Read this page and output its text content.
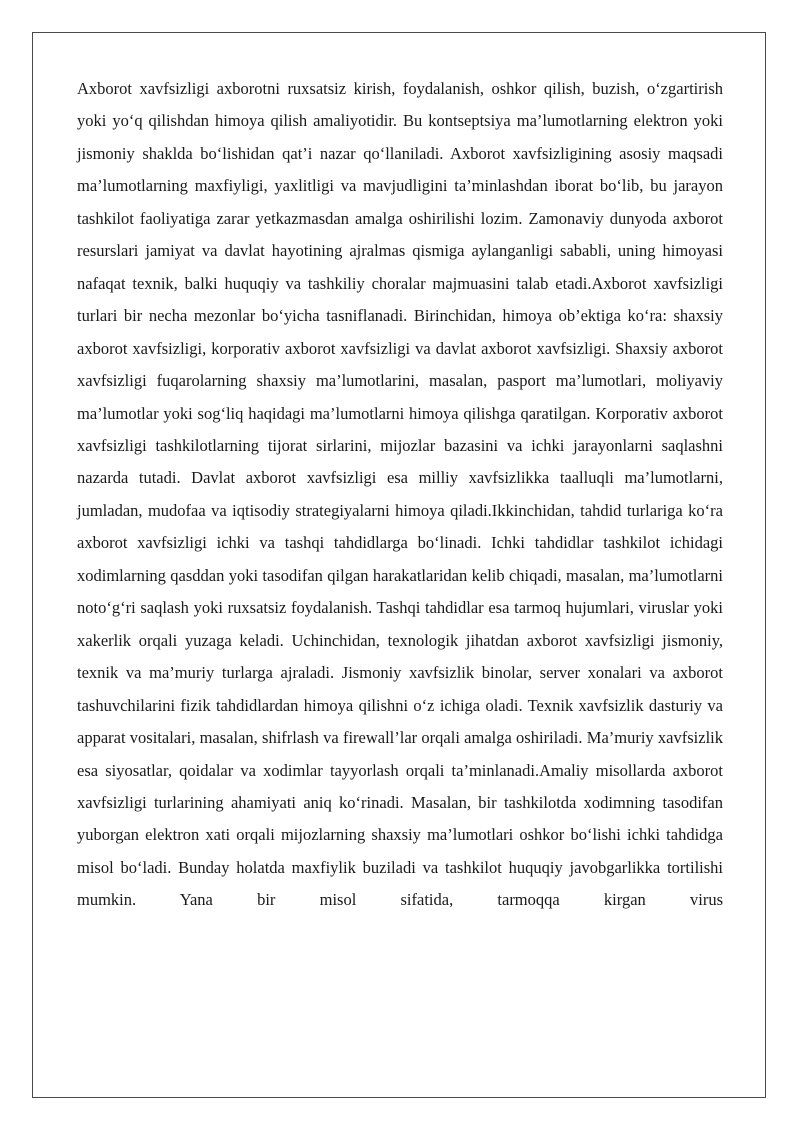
Axborot xavfsizligi axborotni ruxsatsiz kirish, foydalanish, oshkor qilish, buzish, o‘zgartirish yoki yo‘q qilishdan himoya qilish amaliyotidir. Bu kontseptsiya ma’lumotlarning elektron yoki jismoniy shaklda bo‘lishidan qat’i nazar qo‘llaniladi. Axborot xavfsizligining asosiy maqsadi ma’lumotlarning maxfiyligi, yaxlitligi va mavjudligini ta’minlashdan iborat bo‘lib, bu jarayon tashkilot faoliyatiga zarar yetkazmasdan amalga oshirilishi lozim. Zamonaviy dunyoda axborot resurslari jamiyat va davlat hayotining ajralmas qismiga aylanganligi sababli, uning himoyasi nafaqat texnik, balki huquqiy va tashkiliy choralar majmuasini talab etadi.Axborot xavfsizligi turlari bir necha mezonlar bo‘yicha tasniflanadi. Birinchidan, himoya ob’ektiga ko‘ra: shaxsiy axborot xavfsizligi, korporativ axborot xavfsizligi va davlat axborot xavfsizligi. Shaxsiy axborot xavfsizligi fuqarolarning shaxsiy ma’lumotlarini, masalan, pasport ma’lumotlari, moliyaviy ma’lumotlar yoki sog‘liq haqidagi ma’lumotlarni himoya qilishga qaratilgan. Korporativ axborot xavfsizligi tashkilotlarning tijorat sirlarini, mijozlar bazasini va ichki jarayonlarni saqlashni nazarda tutadi. Davlat axborot xavfsizligi esa milliy xavfsizlikka taalluqli ma’lumotlarni, jumladan, mudofaa va iqtisodiy strategiyalarni himoya qiladi.Ikkinchidan, tahdid turlariga ko‘ra axborot xavfsizligi ichki va tashqi tahdidlarga bo‘linadi. Ichki tahdidlar tashkilot ichidagi xodimlarning qasddan yoki tasodifan qilgan harakatlaridan kelib chiqadi, masalan, ma’lumotlarni noto‘g‘ri saqlash yoki ruxsatsiz foydalanish. Tashqi tahdidlar esa tarmoq hujumlari, viruslar yoki xakerlik orqali yuzaga keladi. Uchinchidan, texnologik jihatdan axborot xavfsizligi jismoniy, texnik va ma’muriy turlarga ajraladi. Jismoniy xavfsizlik binolar, server xonalari va axborot tashuvchilarini fizik tahdidlardan himoya qilishni o‘z ichiga oladi. Texnik xavfsizlik dasturiy va apparat vositalari, masalan, shifrlash va firewall’lar orqali amalga oshiriladi. Ma’muriy xavfsizlik esa siyosatlar, qoidalar va xodimlar tayyorlash orqali ta’minlanadi.Amaliy misollarda axborot xavfsizligi turlarining ahamiyati aniq ko‘rinadi. Masalan, bir tashkilotda xodimning tasodifan yuborgan elektron xati orqali mijozlarning shaxsiy ma’lumotlari oshkor bo‘lishi ichki tahdidga misol bo‘ladi. Bunday holatda maxfiylik buziladi va tashkilot huquqiy javobgarlikka tortilishi mumkin. Yana bir misol sifatida, tarmoqqa kirgan virus
